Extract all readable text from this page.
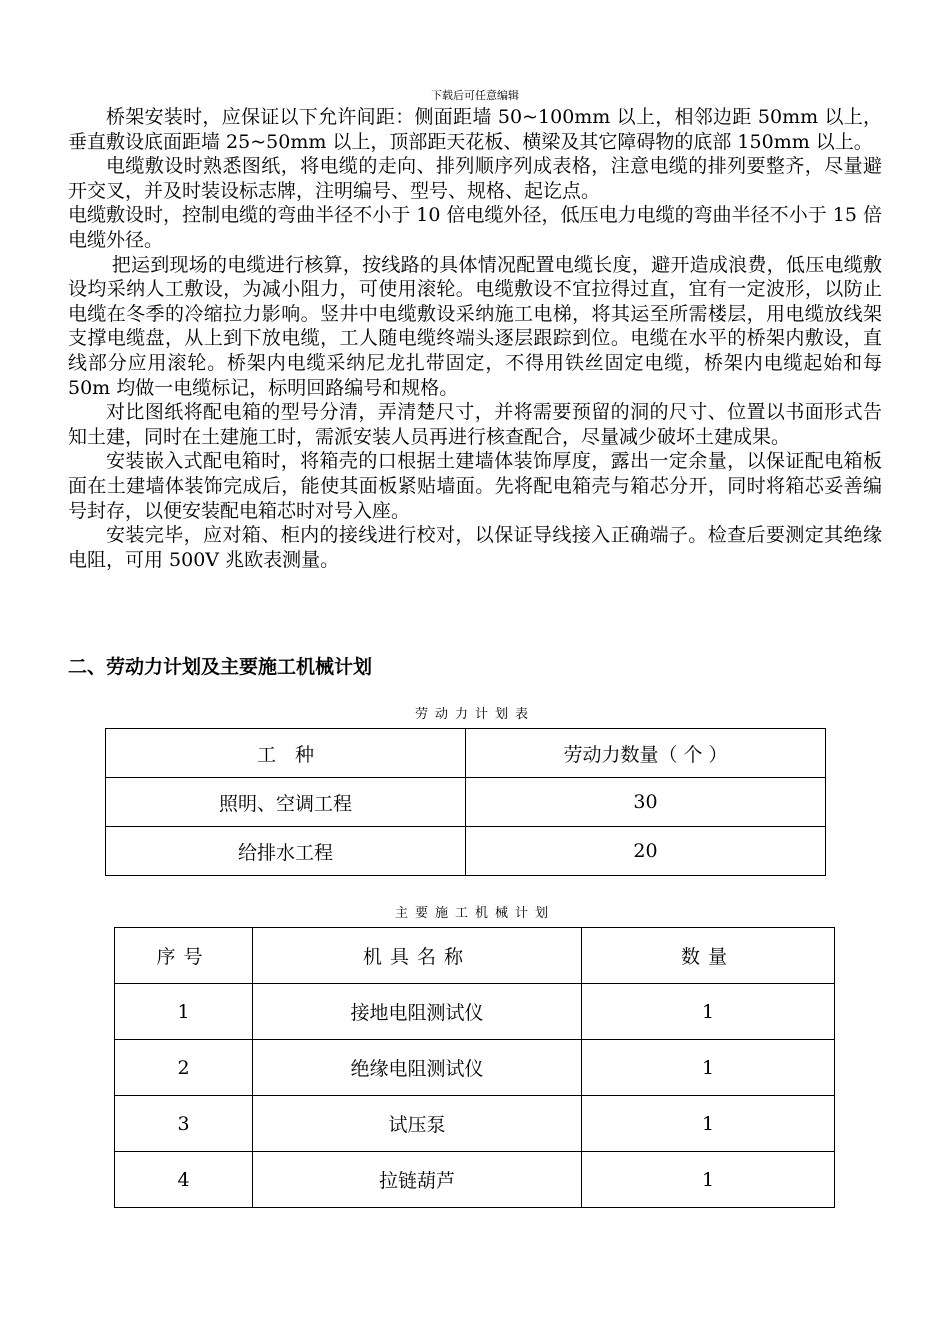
下载后可任意编辑

桥架安装时，应保证以下允许间距：侧面距墙 50~100mm 以上，相邻边距 50mm 以上，垂直敷设底面距墙 25~50mm 以上，顶部距天花板、横梁及其它障碍物的底部 150mm 以上。

电缆敷设时熟悉图纸，将电缆的走向、排列顺序列成表格，注意电缆的排列要整齐，尽量避开交叉，并及时装设标志牌，注明编号、型号、规格、起讫点。

电缆敷设时，控制电缆的弯曲半径不小于 10 倍电缆外径，低压电力电缆的弯曲半径不小于 15 倍电缆外径。

把运到现场的电缆进行核算，按线路的具体情况配置电缆长度，避开造成浪费，低压电缆敷设均采纳人工敷设，为减小阻力，可使用滚轮。电缆敷设不宜拉得过直，宜有一定波形，以防止电缆在冬季的冷缩拉力影响。竖井中电缆敷设采纳施工电梯，将其运至所需楼层，用电缆放线架支撑电缆盘，从上到下放电缆，工人随电缆终端头逐层跟踪到位。电缆在水平的桥架内敷设，直线部分应用滚轮。桥架内电缆采纳尼龙扎带固定，不得用铁丝固定电缆，桥架内电缆起始和每 50m 均做一电缆标记，标明回路编号和规格。

对比图纸将配电箱的型号分清，弄清楚尺寸，并将需要预留的洞的尺寸、位置以书面形式告知土建，同时在土建施工时，需派安装人员再进行核查配合，尽量减少破坏土建成果。

安装嵌入式配电箱时，将箱壳的口根据土建墙体装饰厚度，露出一定余量，以保证配电箱板面在土建墙体装饰完成后，能使其面板紧贴墙面。先将配电箱壳与箱芯分开，同时将箱芯妥善编号封存，以便安装配电箱芯时对号入座。

安装完毕，应对箱、柜内的接线进行校对，以保证导线接入正确端子。检查后要测定其绝缘电阻，可用 500V 兆欧表测量。

二、劳动力计划及主要施工机械计划
劳动力计划表
工　种	劳动力数量（ 个 ）
照明、空调工程	30
给排水工程	20
主要施工机械计划
序号	机具名称	数量
1	接地电阻测试仪	1
2	绝缘电阻测试仪	1
3	试压泵	1
4	拉链葫芦	1
